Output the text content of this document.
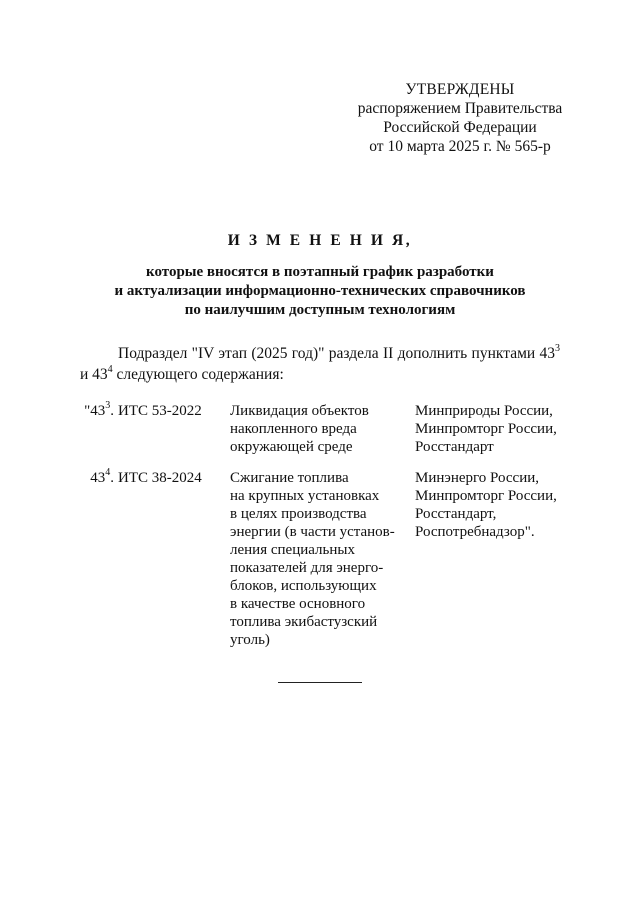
УТВЕРЖДЕНЫ
распоряжением Правительства
Российской Федерации
от 10 марта 2025 г. № 565-р
И З М Е Н Е Н И Я,
которые вносятся в поэтапный график разработки
и актуализации информационно-технических справочников
по наилучшим доступным технологиям
Подраздел "IV этап (2025 год)" раздела II дополнить пунктами $43^3$
и $43^4$ следующего содержания:
"$43^3$. ИТС 53-2022	Ликвидация объектов
накопленного вреда
окружающей среде
Минприроды России,
Минпромторг России,
Росстандарт
$43^4$. ИТС 38-2024	Сжигание топлива
на крупных установках
в целях производства
энергии (в части установ-
ления специальных
показателей для энерго-
блоков, использующих
в качестве основного
топлива экибастузский
уголь)
Минэнерго России,
Минпромторг России,
Росстандарт,
Роспотребнадзор".
